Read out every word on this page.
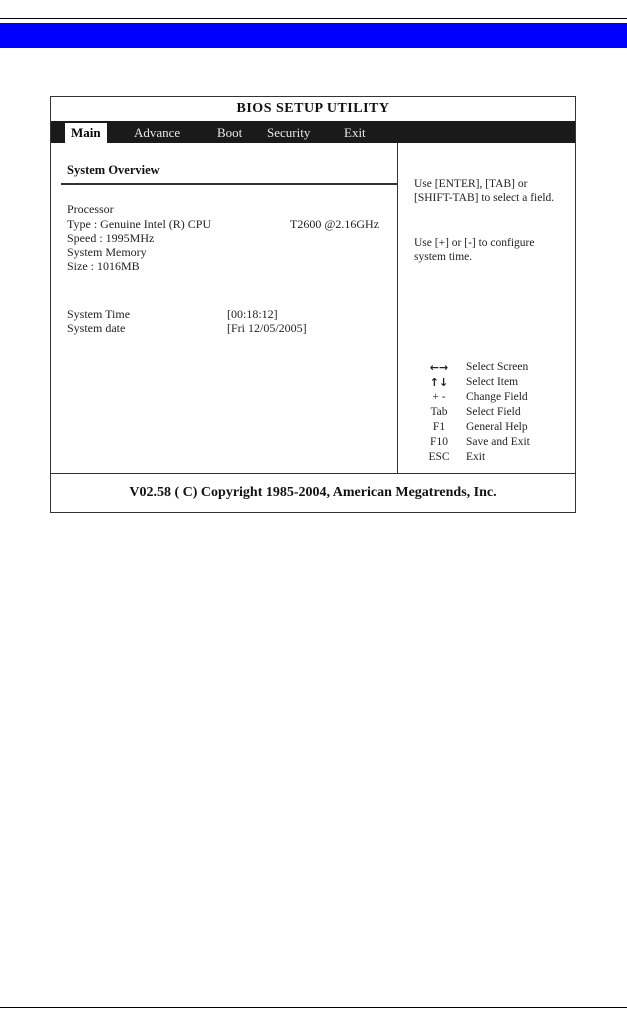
BIOS SETUP UTILITY
Main	Advance	Boot Security	Exit
System Overview
Processor
Type : Genuine Intel (R) CPU	T2600 @2.16GHz
Speed : 1995MHz
System Memory
Size : 1016MB
System Time	[00:18:12]
System date	[Fri 12/05/2005]
Use [ENTER], [TAB] or [SHIFT-TAB] to select a field.
Use [+] or [-] to configure system time.
←→	Select Screen
↑↓	Select Item
+ -	Change Field
Tab	Select Field
F1	General Help
F10	Save and Exit
ESC	Exit
V02.58 ( C) Copyright 1985-2004, American Megatrends, Inc.
